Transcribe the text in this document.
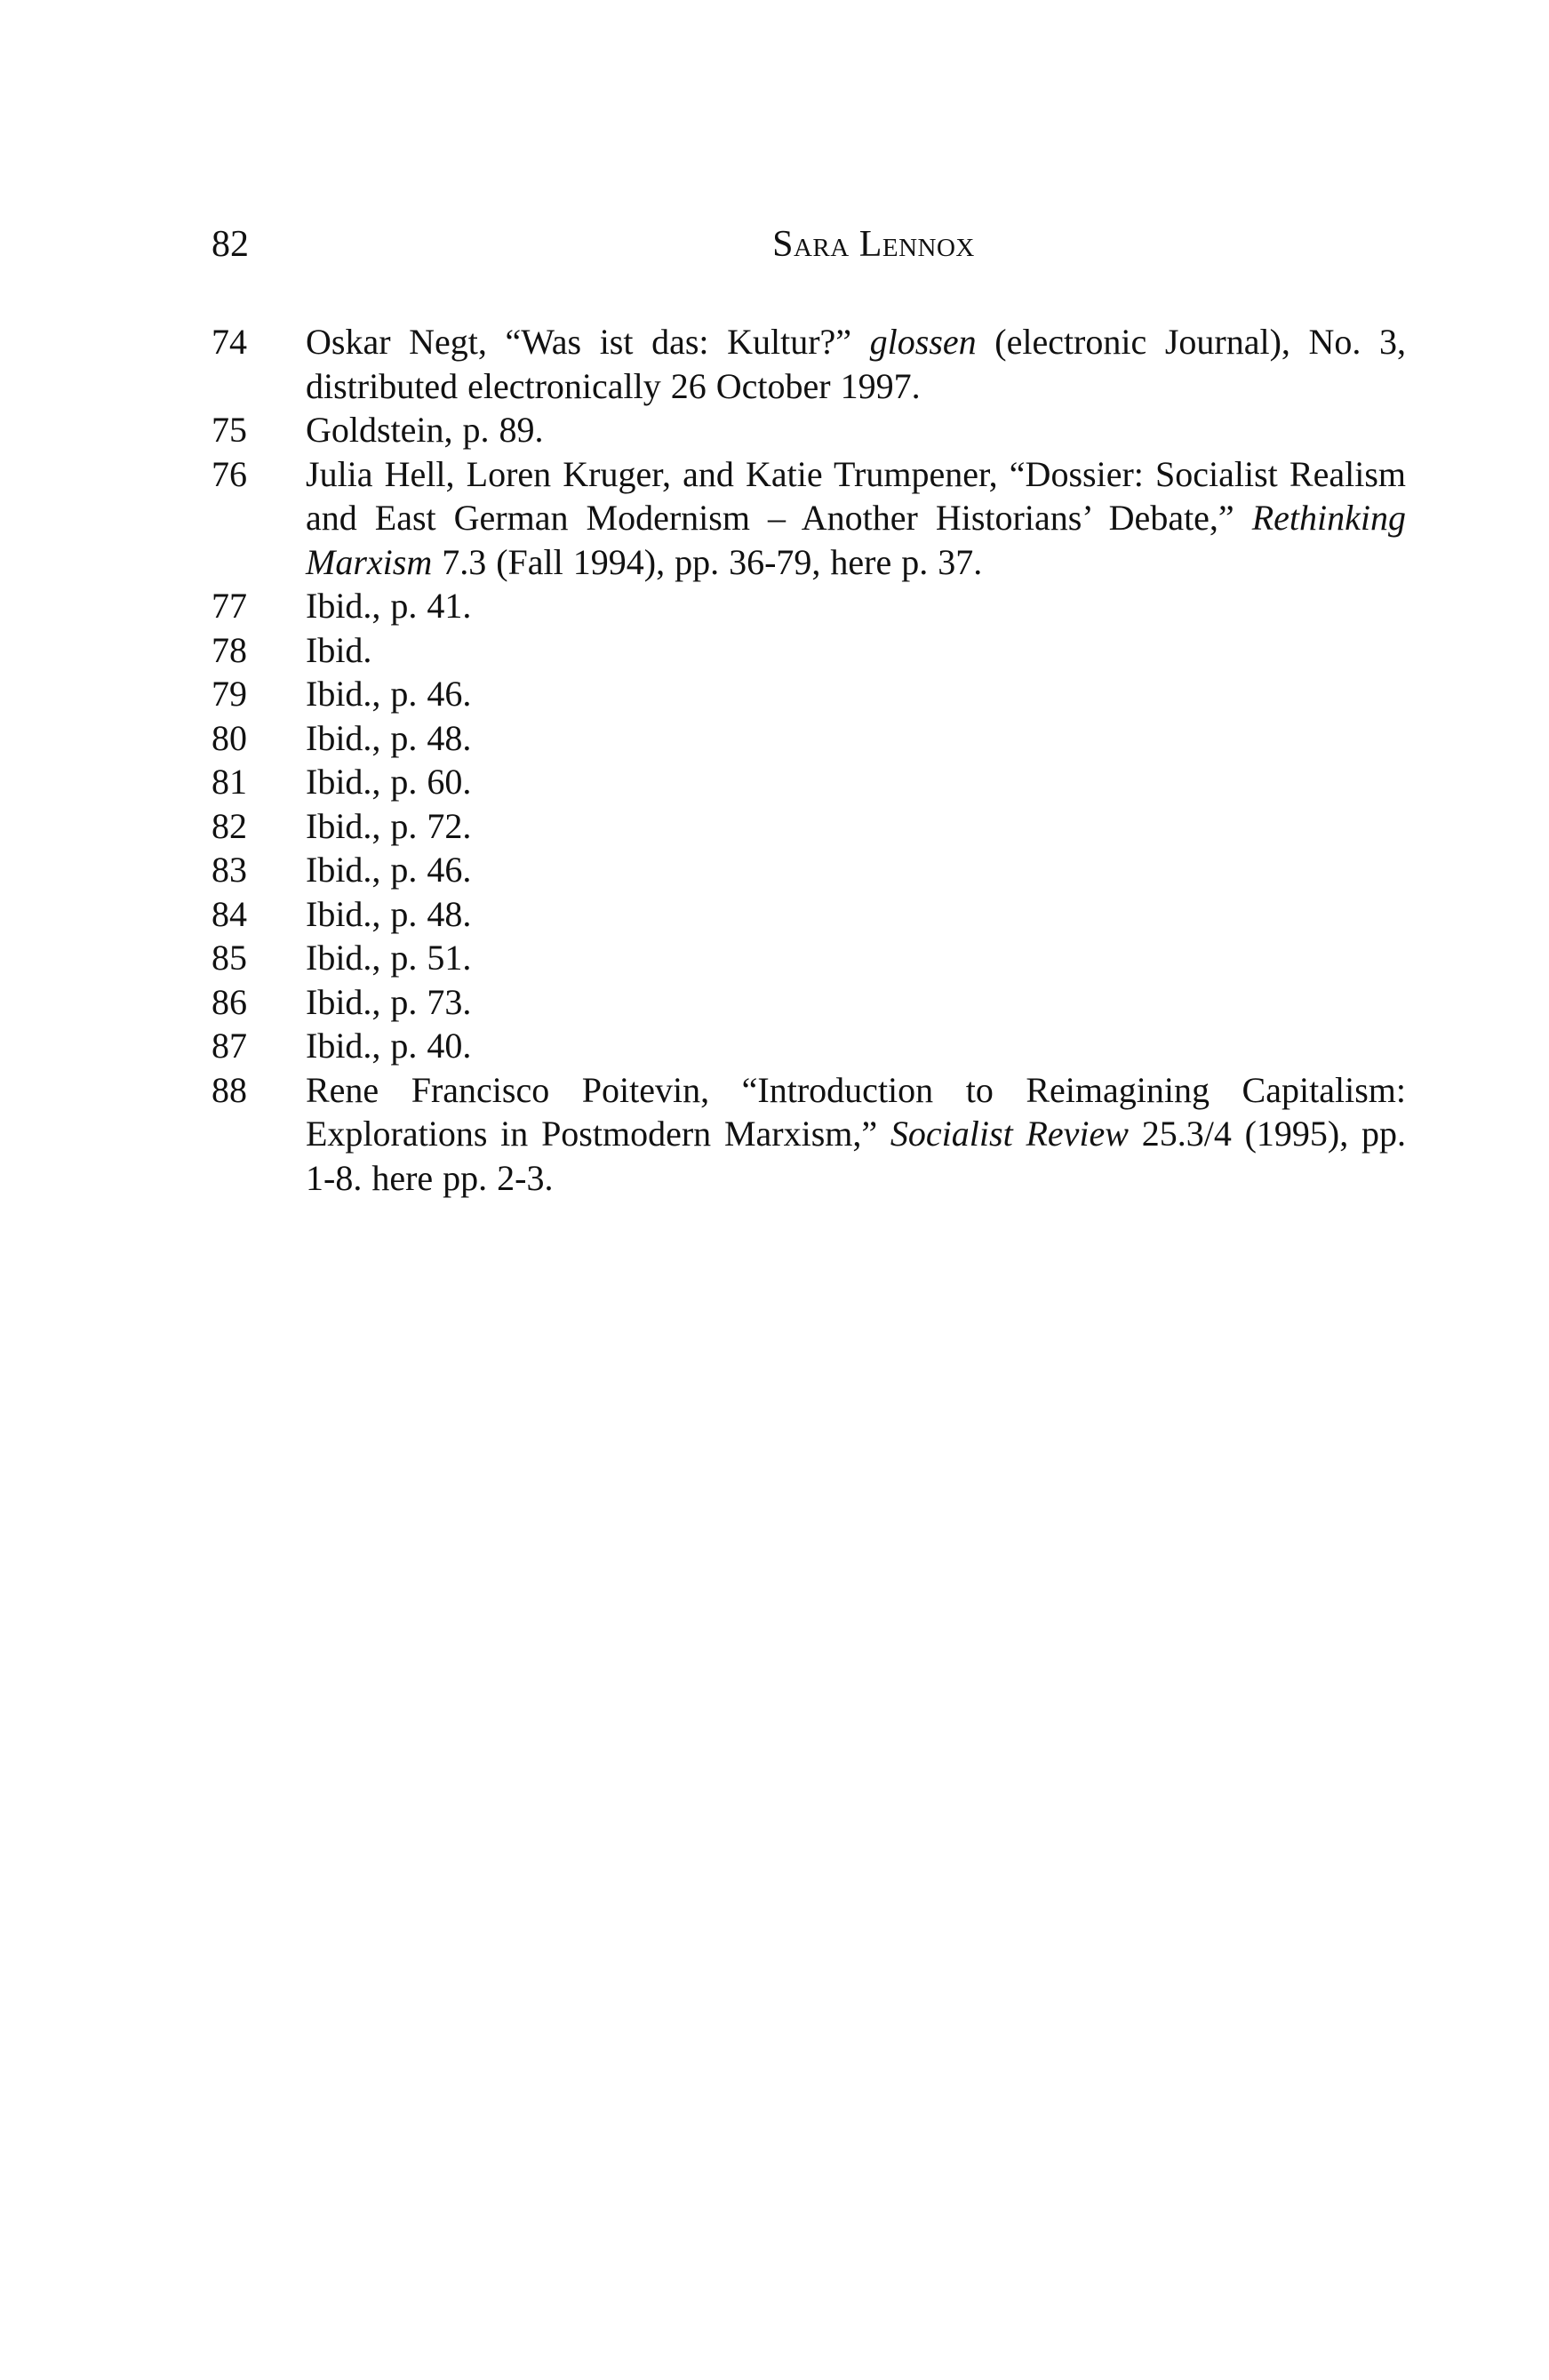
82	Sara Lennox
74	Oskar Negt, “Was ist das: Kultur?” glossen (electronic Journal), No. 3, distributed electronically 26 October 1997.
75	Goldstein, p. 89.
76	Julia Hell, Loren Kruger, and Katie Trumpener, “Dossier: Socialist Realism and East German Modernism – Another Historians’ Debate,” Rethinking Marxism 7.3 (Fall 1994), pp. 36-79, here p. 37.
77	Ibid., p. 41.
78	Ibid.
79	Ibid., p. 46.
80	Ibid., p. 48.
81	Ibid., p. 60.
82	Ibid., p. 72.
83	Ibid., p. 46.
84	Ibid., p. 48.
85	Ibid., p. 51.
86	Ibid., p. 73.
87	Ibid., p. 40.
88	Rene Francisco Poitevin, “Introduction to Reimagining Capitalism: Explorations in Postmodern Marxism,” Socialist Review 25.3/4 (1995), pp. 1-8. here pp. 2-3.
